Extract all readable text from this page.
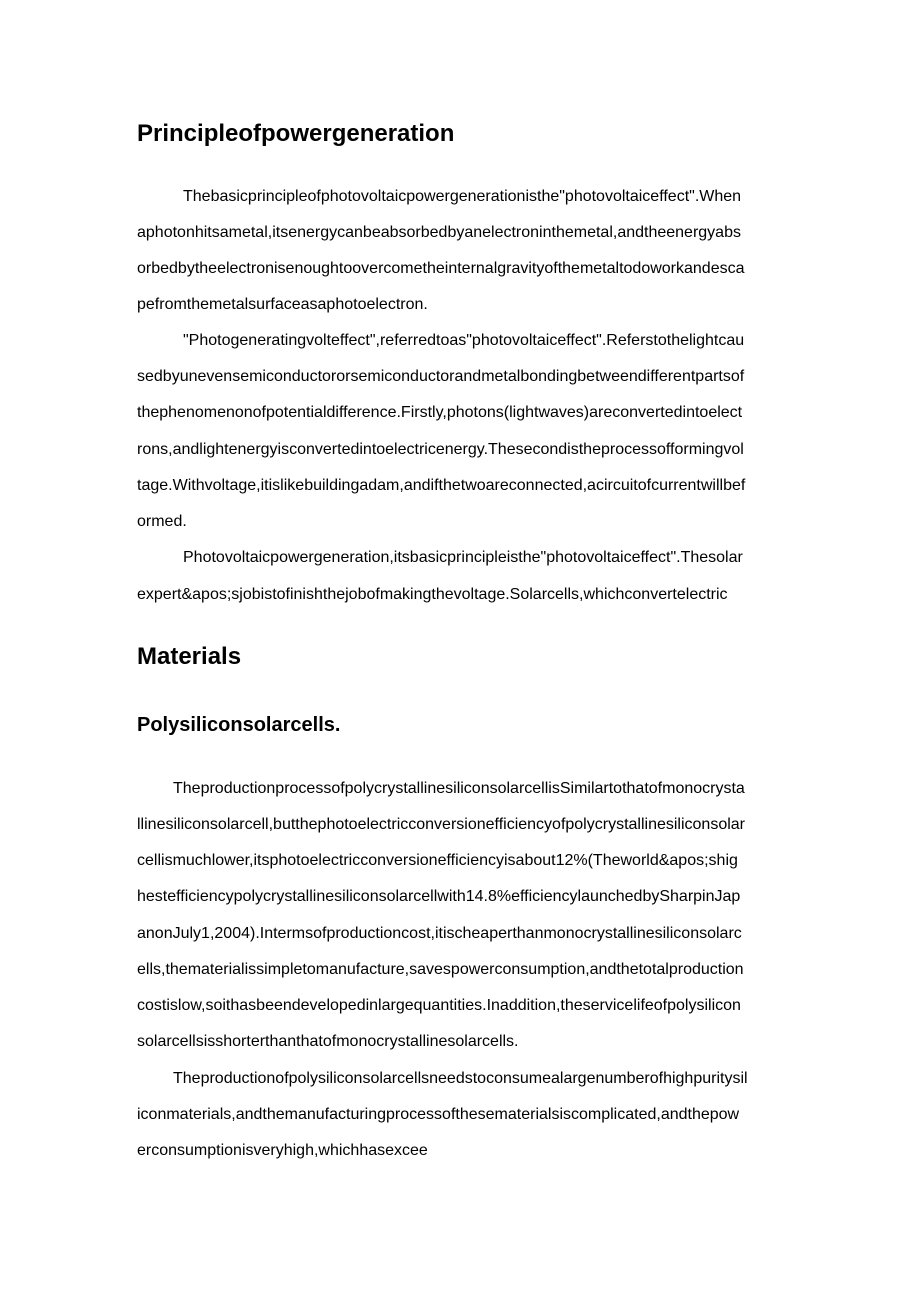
Principleofpowergeneration

Thebasicprincipleofphotovoltaicpowergenerationisthe"photovoltaiceffect".When

aphotonhitsametal,itsenergycanbeabsorbedbyanelectroninthemetal,andtheenergyabs

orbedbytheelectronisenoughtoovercometheinternalgravityofthemetaltodoworkandesca

pefromthemetalsurfaceasaphotoelectron.

"Photogeneratingvolteffect",referredtoas"photovoltaiceffect".Referstothelightcau

sedbyunevensemiconductororsemiconductorandmetalbondingbetweendifferentpartsof

thephenomenonofpotentialdifference.Firstly,photons(lightwaves)areconvertedintoelect

rons,andlightenergyisconvertedintoelectricenergy.Thesecondistheprocessofformingvol

tage.Withvoltage,itislikebuildingadam,andifthetwoareconnected,acircuitofcurrentwillbef

ormed.

Photovoltaicpowergeneration,itsbasicprincipleisthe"photovoltaiceffect".Thesolar

expert&apos;sjobistofinishthejobofmakingthevoltage.Solarcells,whichconvertelectric

Materials
Polysiliconsolarcells.

TheproductionprocessofpolycrystallinesiliconsolarcellisSimilartothatofmonocrysta

llinesiliconsolarcell,butthephotoelectricconversionefficiencyofpolycrystallinesiliconsolar

cellismuchlower,itsphotoelectricconversionefficiencyisabout12%(Theworld&apos;shig

hestefficiencypolycrystallinesiliconsolarcellwith14.8%efficiencylaunchedbySharpinJap

anonJuly1,2004).Intermsofproductioncost,itischeaperthanmonocrystallinesiliconsolarc

ells,thematerialissimpletomanufacture,savespowerconsumption,andthetotalproduction

costislow,soithasbeendevelopedinlargequantities.Inaddition,theservicelifeofpolysilicon

solarcellsisshorterthanthatofmonocrystallinesolarcells.

Theproductionofpolysiliconsolarcellsneedstoconsumealargenumberofhighpuritysil

iconmaterials,andthemanufacturingprocessofthesematerialsiscomplicated,andthepow

erconsumptionisveryhigh,whichhasexcee
